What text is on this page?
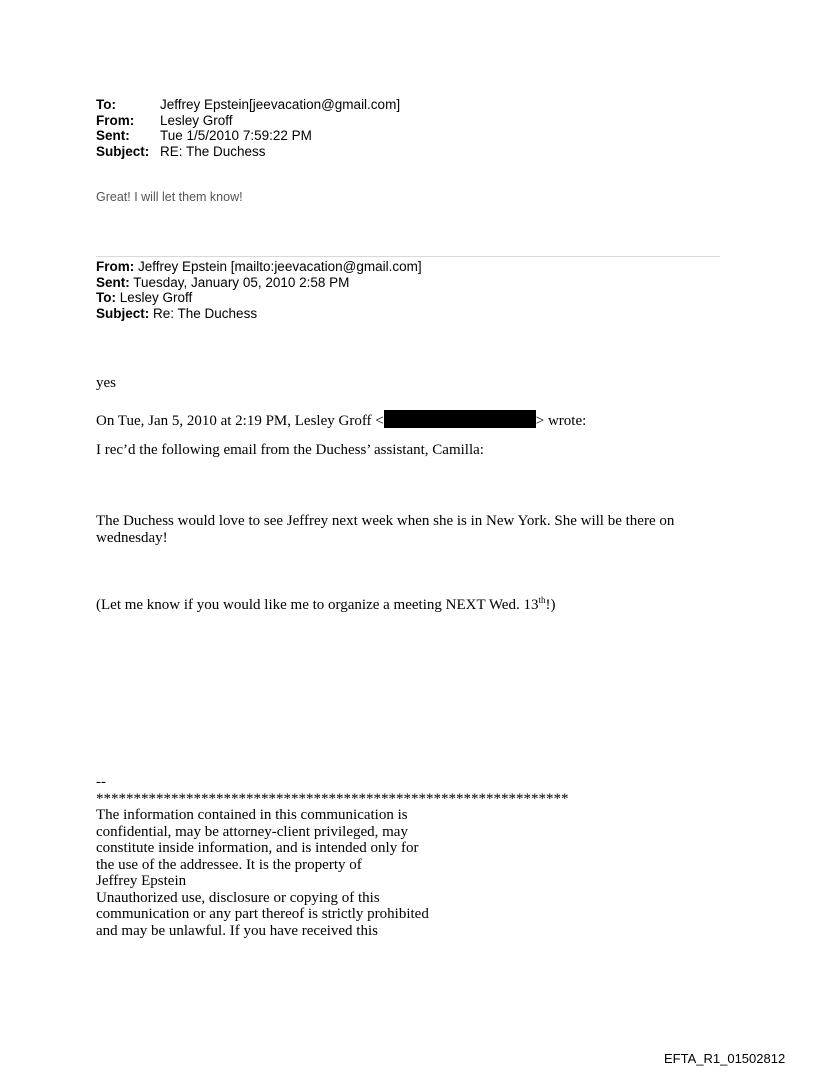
To:	Jeffrey Epstein[jeevacation@gmail.com]
From:	Lesley Groff
Sent:	Tue 1/5/2010 7:59:22 PM
Subject: RE: The Duchess
Great! I will let them know!
From: Jeffrey Epstein [mailto:jeevacation@gmail.com]
Sent: Tuesday, January 05, 2010 2:58 PM
To: Lesley Groff
Subject: Re: The Duchess
yes
On Tue, Jan 5, 2010 at 2:19 PM, Lesley Groff <	> wrote:
I rec’d the following email from the Duchess’ assistant, Camilla:
The Duchess would love to see Jeffrey next week when she is in New York. She will be there on wednesday!
(Let me know if you would like me to organize a meeting NEXT Wed. 13th!)
--
***************************************************************
The information contained in this communication is
confidential, may be attorney-client privileged, may
constitute inside information, and is intended only for
the use of the addressee. It is the property of
Jeffrey Epstein
Unauthorized use, disclosure or copying of this
communication or any part thereof is strictly prohibited
and may be unlawful. If you have received this
EFTA_R1_01502812
